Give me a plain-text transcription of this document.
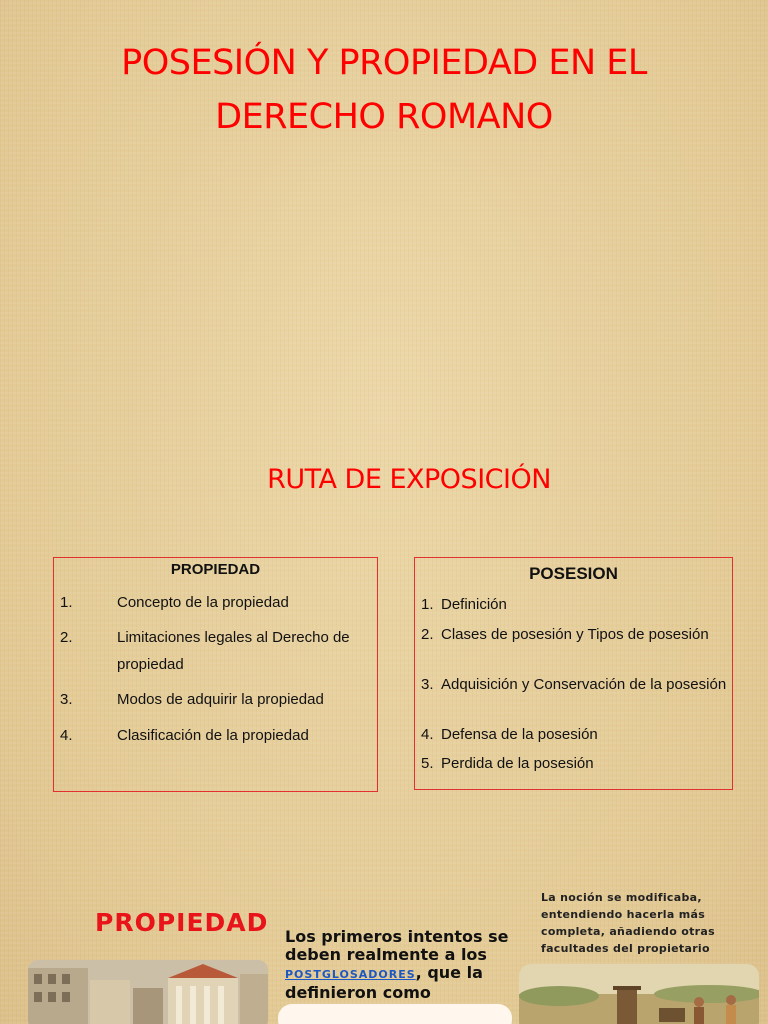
POSESIÓN Y PROPIEDAD EN EL
DERECHO ROMANO
RUTA DE EXPOSICIÓN
PROPIEDAD
1.	Concepto de la propiedad
2.	Limitaciones legales al Derecho de propiedad
3.	Modos de adquirir la propiedad
4.	Clasificación de la propiedad
POSESION
1. Definición
2. Clases de posesión y Tipos de posesión
3. Adquisición y Conservación de la posesión
4. Defensa de la posesión
5. Perdida de la posesión
PROPIEDAD
La noción se modificaba, entendiendo hacerla más completa, añadiendo otras facultades del propietario
Los primeros intentos se deben realmente a los POSTGLOSADORES, que la definieron como
